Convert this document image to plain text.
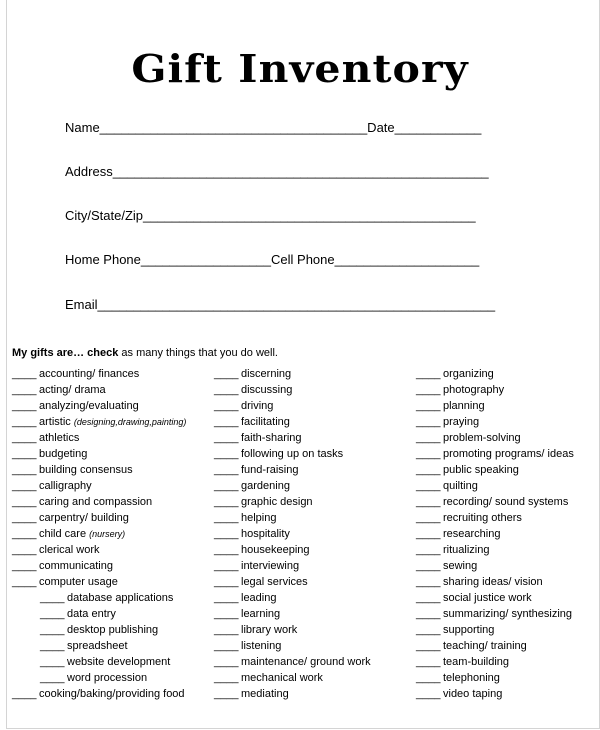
Gift Inventory
Name_____________________________________Date____________
Address____________________________________________________
City/State/Zip______________________________________________
Home Phone__________________Cell Phone____________________
Email_______________________________________________________
My gifts are… check as many things that you do well.
____ accounting/ finances
____ acting/ drama
____ analyzing/evaluating
____ artistic (designing,drawing,painting)
____ athletics
____ budgeting
____ building consensus
____ calligraphy
____ caring and compassion
____ carpentry/ building
____ child care (nursery)
____ clerical work
____ communicating
____ computer usage
____ database applications
____ data entry
____ desktop publishing
____ spreadsheet
____ website development
____ word procession
____ cooking/baking/providing food
____ discerning
____ discussing
____ driving
____ facilitating
____ faith-sharing
____ following up on tasks
____ fund-raising
____ gardening
____ graphic design
____ helping
____ hospitality
____ housekeeping
____ interviewing
____ legal services
____ leading
____ learning
____ library work
____ listening
____ maintenance/ ground work
____ mechanical work
____ mediating
____ organizing
____ photography
____ planning
____ praying
____ problem-solving
____ promoting programs/ ideas
____ public speaking
____ quilting
____ recording/ sound systems
____ recruiting others
____ researching
____ ritualizing
____ sewing
____ sharing ideas/ vision
____ social justice work
____ summarizing/ synthesizing
____ supporting
____ teaching/ training
____ team-building
____ telephoning
____ video taping
